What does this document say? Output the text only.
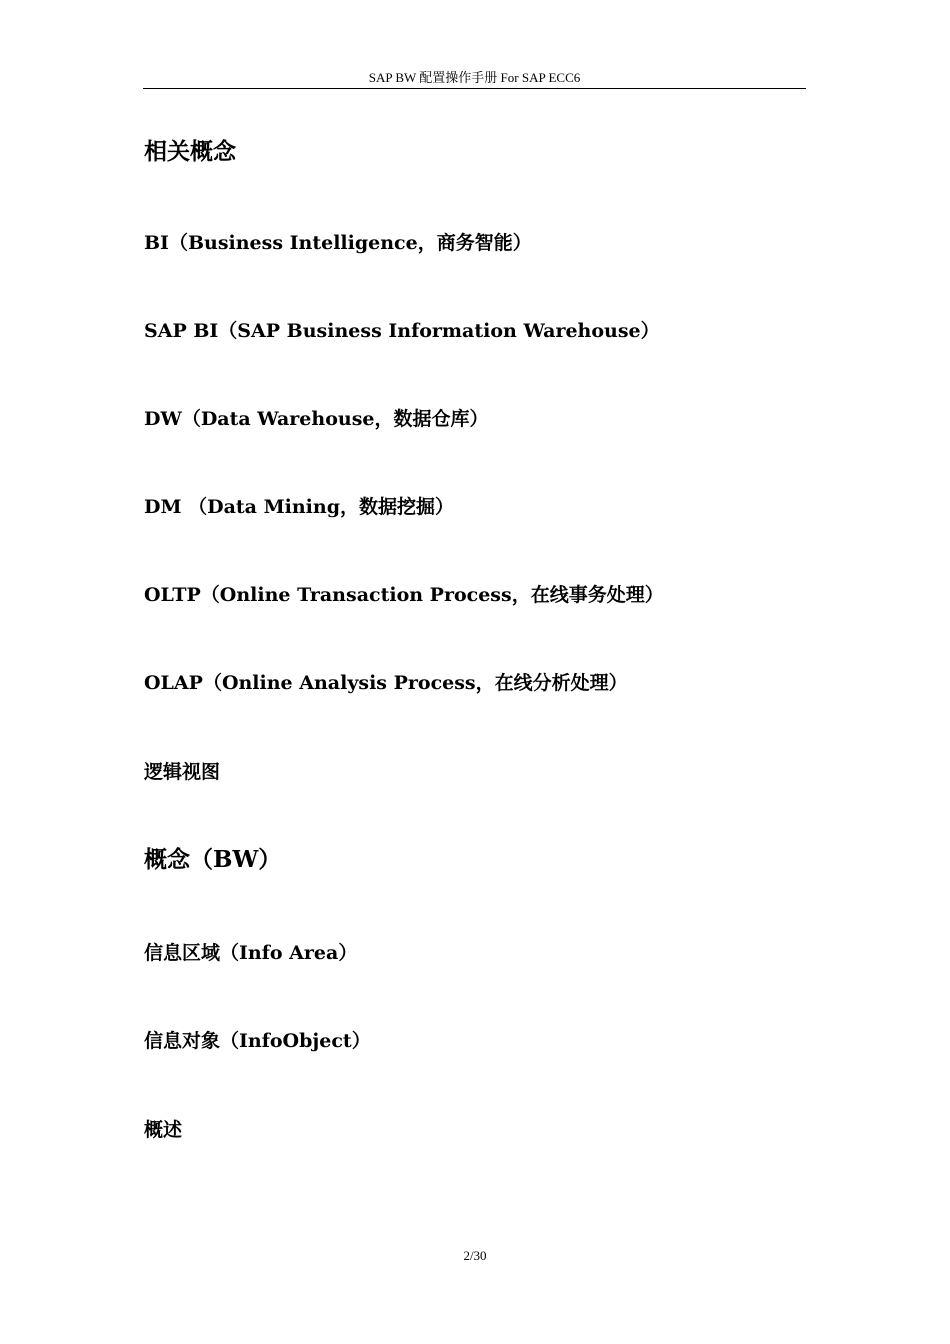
SAP BW 配置操作手册 For SAP ECC6
相关概念
BI（Business Intelligence，商务智能）
SAP BI（SAP Business Information Warehouse）
DW（Data Warehouse，数据仓库）
DM （Data Mining，数据挖掘）
OLTP（Online Transaction Process，在线事务处理）
OLAP（Online Analysis Process，在线分析处理）
逻辑视图
概念（BW）
信息区域（Info Area）
信息对象（InfoObject）
概述
2/30
